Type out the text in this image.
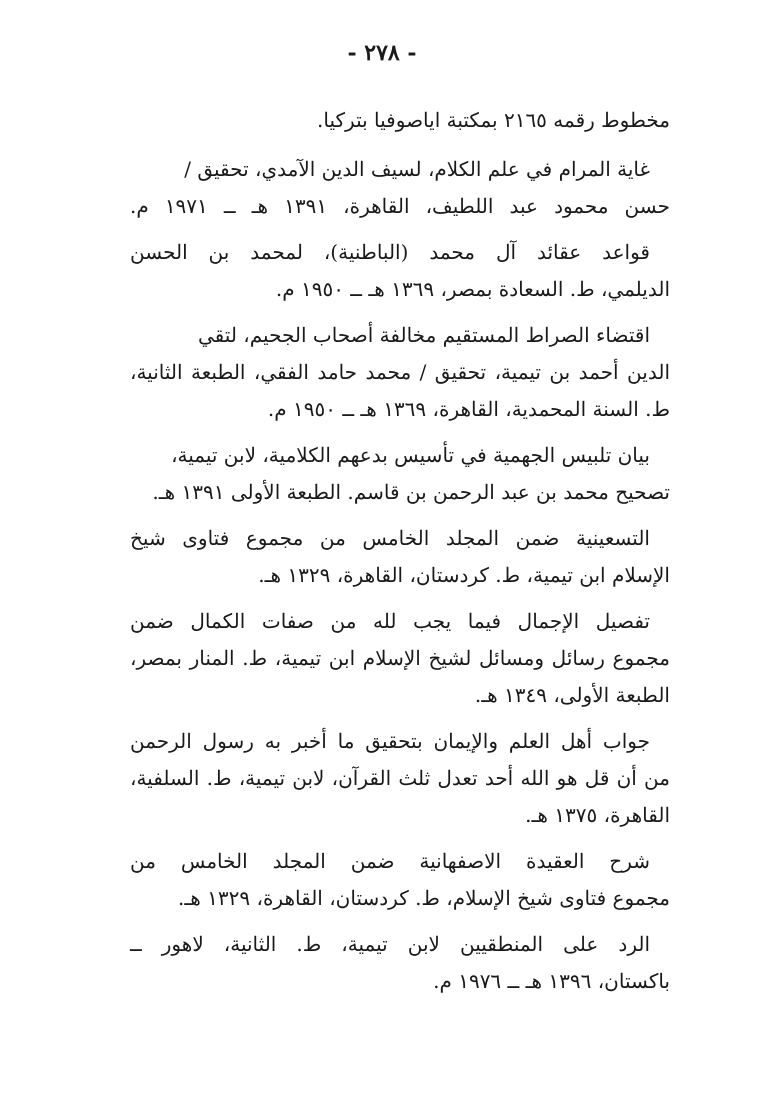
- ٢٧٨ -
مخطوط رقمه ٢١٦٥ بمكتبة اياصوفيا بتركيا.
غاية المرام في علم الكلام، لسيف الدين الآمدي، تحقيق /
حسن محمود عبد اللطيف، القاهرة، ١٣٩١ هـ ــ ١٩٧١ م.
قواعد عقائد آل محمد (الباطنية)، لمحمد بن الحسن
الديلمي، ط. السعادة بمصر، ١٣٦٩ هـ ــ ١٩٥٠ م.
اقتضاء الصراط المستقيم مخالفة أصحاب الجحيم، لتقي
الدين أحمد بن تيمية، تحقيق / محمد حامد الفقي، الطبعة الثانية،
ط. السنة المحمدية، القاهرة، ١٣٦٩ هـ ــ ١٩٥٠ م.
بيان تلبيس الجهمية في تأسيس بدعهم الكلامية، لابن تيمية،
تصحيح محمد بن عبد الرحمن بن قاسم. الطبعة الأولى ١٣٩١ هـ.
التسعينية ضمن المجلد الخامس من مجموع فتاوى شيخ
الإسلام ابن تيمية، ط. كردستان، القاهرة، ١٣٢٩ هـ.
تفصيل الإجمال فيما يجب لله من صفات الكمال ضمن
مجموع رسائل ومسائل لشيخ الإسلام ابن تيمية، ط. المنار بمصر،
الطبعة الأولى، ١٣٤٩ هـ.
جواب أهل العلم والإيمان بتحقيق ما أخبر به رسول الرحمن
من أن قل هو الله أحد تعدل ثلث القرآن، لابن تيمية، ط. السلفية،
القاهرة، ١٣٧٥ هـ.
شرح العقيدة الاصفهانية ضمن المجلد الخامس من
مجموع فتاوى شيخ الإسلام، ط. كردستان، القاهرة، ١٣٢٩ هـ.
الرد على المنطقيين لابن تيمية، ط. الثانية، لاهور ــ
باكستان، ١٣٩٦ هـ ــ ١٩٧٦ م.
